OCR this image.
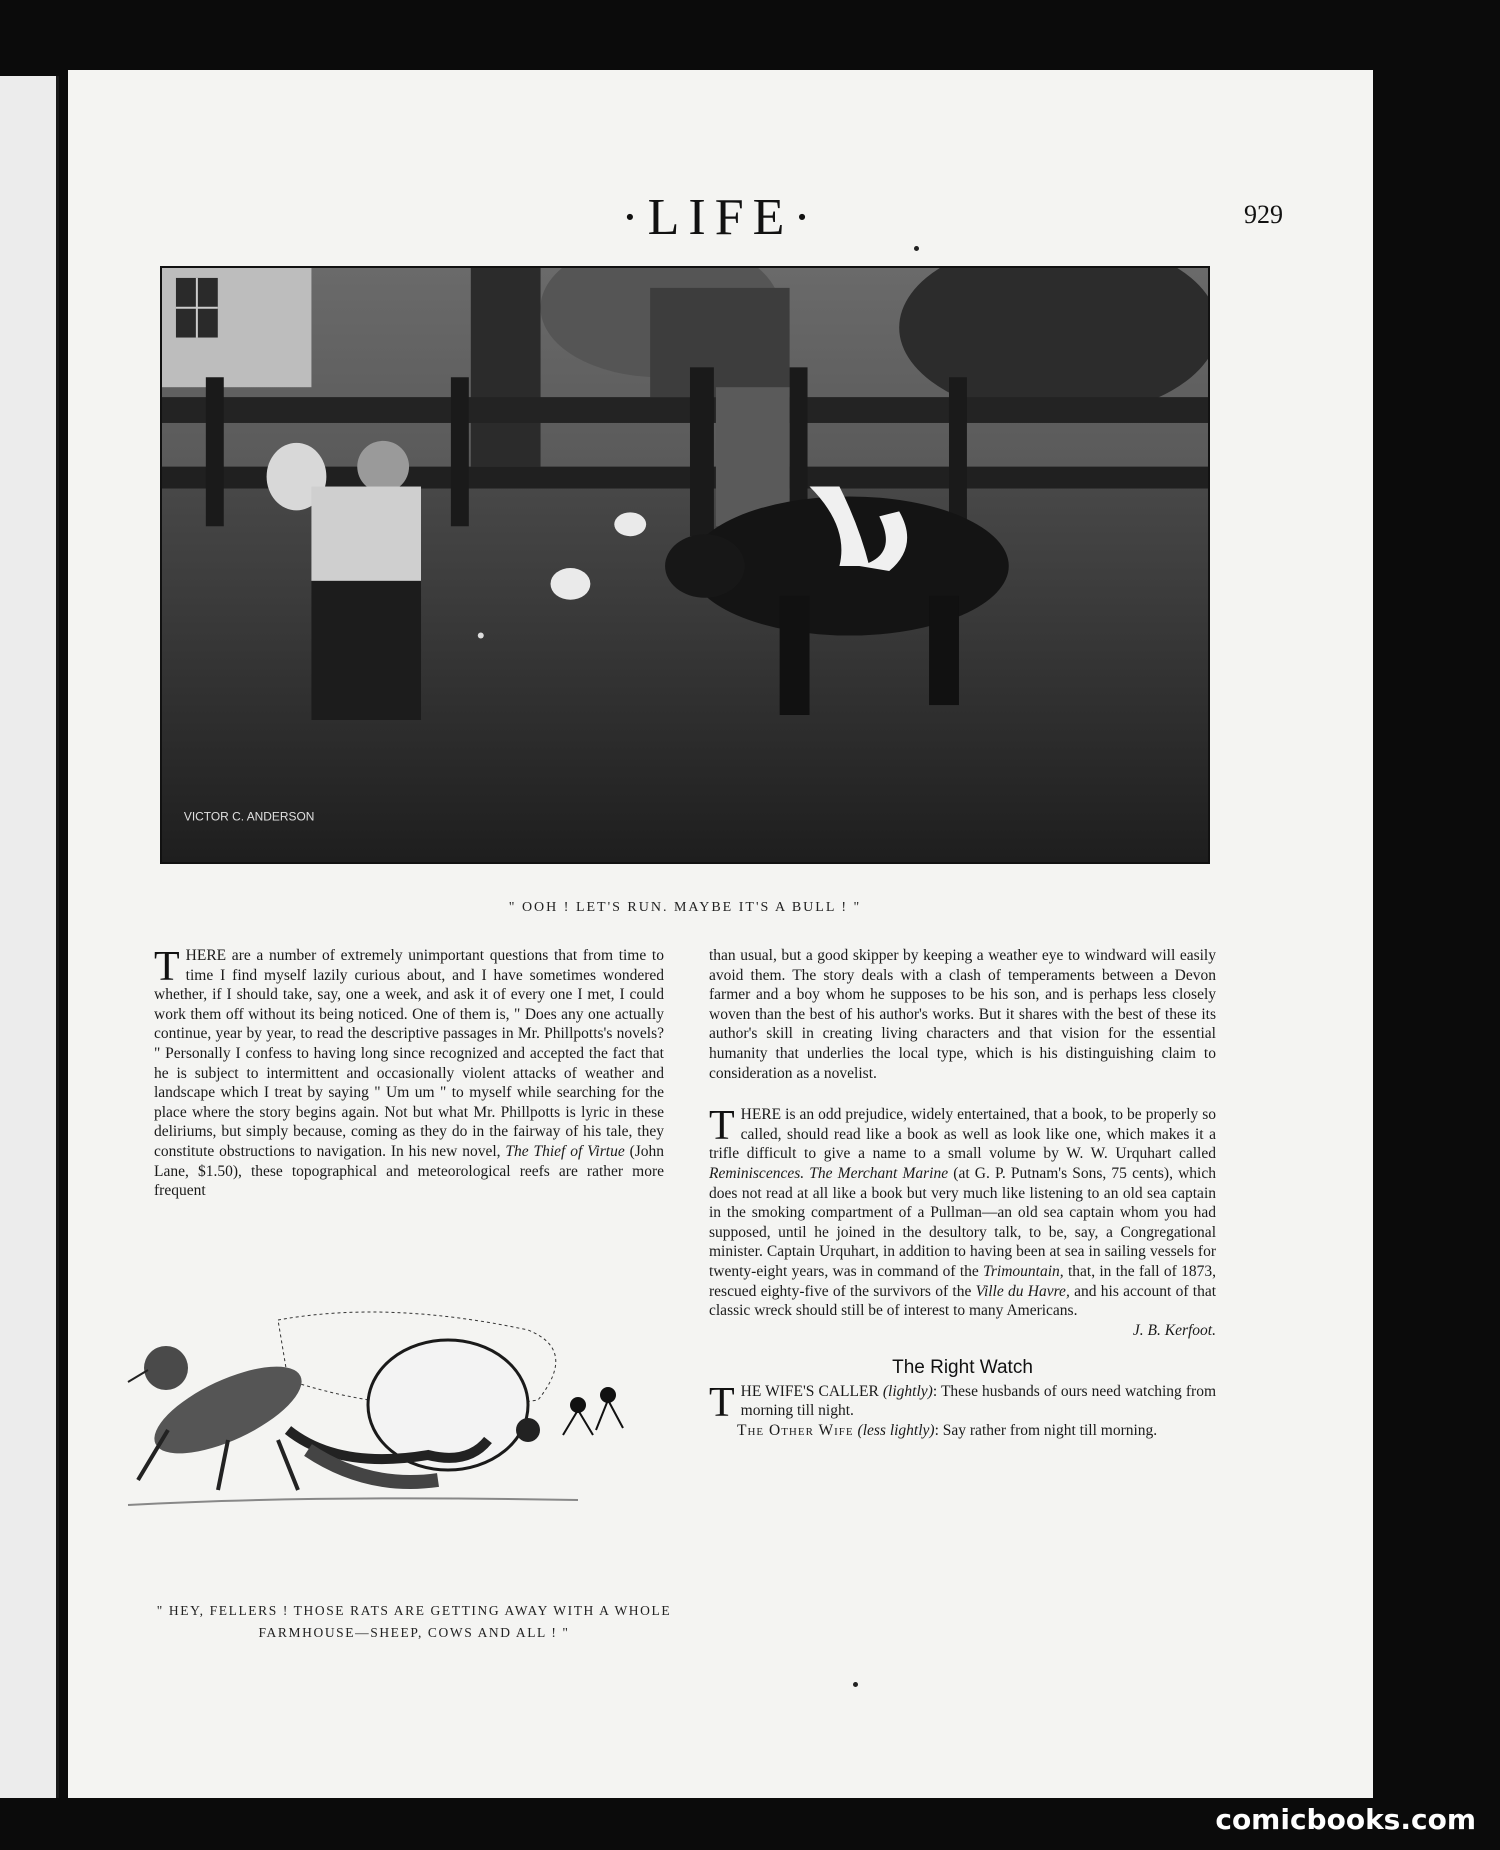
·LIFE·	929
VICTOR C. ANDERSON
" OOH ! LET'S RUN. MAYBE IT'S A BULL ! "

THERE are a number of extremely unimportant questions that from time to time I find myself lazily curious about, and I have sometimes wondered whether, if I should take, say, one a week, and ask it of every one I met, I could work them off without its being noticed. One of them is, " Does any one actually continue, year by year, to read the descriptive passages in Mr. Phillpotts's novels? " Personally I confess to having long since recognized and accepted the fact that he is subject to intermittent and occasionally violent attacks of weather and landscape which I treat by saying " Um um " to myself while searching for the place where the story begins again. Not but what Mr. Phillpotts is lyric in these deliriums, but simply because, coming as they do in the fairway of his tale, they constitute obstructions to navigation. In his new novel, The Thief of Virtue (John Lane, $1.50), these topographical and meteorological reefs are rather more frequent

" HEY, FELLERS ! THOSE RATS ARE GETTING AWAY WITH A WHOLE
FARMHOUSE—SHEEP, COWS AND ALL ! "

than usual, but a good skipper by keeping a weather eye to windward will easily avoid them. The story deals with a clash of temperaments between a Devon farmer and a boy whom he supposes to be his son, and is perhaps less closely woven than the best of his author's works. But it shares with the best of these its author's skill in creating living characters and that vision for the essential humanity that underlies the local type, which is his distinguishing claim to consideration as a novelist.

THERE is an odd prejudice, widely entertained, that a book, to be properly so called, should read like a book as well as look like one, which makes it a trifle difficult to give a name to a small volume by W. W. Urquhart called Reminiscences. The Merchant Marine (at G. P. Putnam's Sons, 75 cents), which does not read at all like a book but very much like listening to an old sea captain in the smoking compartment of a Pullman—an old sea captain whom you had supposed, until he joined in the desultory talk, to be, say, a Congregational minister. Captain Urquhart, in addition to having been at sea in sailing vessels for twenty-eight years, was in command of the Trimountain, that, in the fall of 1873, rescued eighty-five of the survivors of the Ville du Havre, and his account of that classic wreck should still be of interest to many Americans.

J. B. Kerfoot.

The Right Watch

THE WIFE'S CALLER (lightly): These husbands of ours need watching from morning till night.

The Other Wife (less lightly): Say rather from night till morning.

comicbooks.com
